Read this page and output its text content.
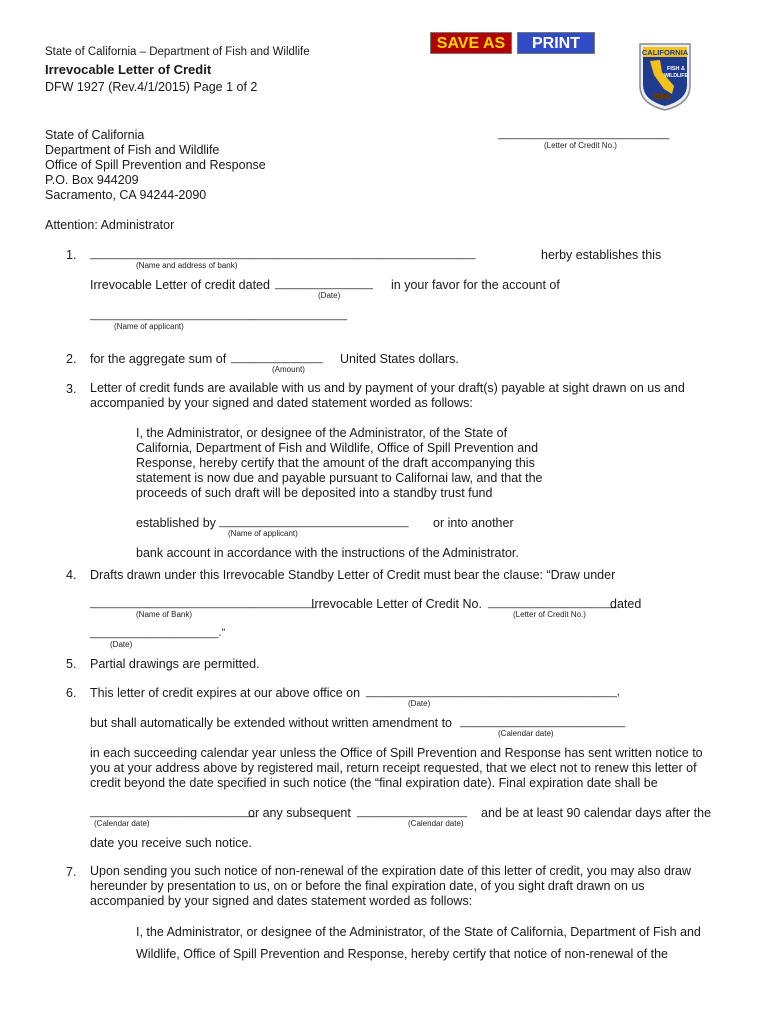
SAVE AS	PRINT
State of California – Department of Fish and Wildlife
Irrevocable Letter of Credit
DFW 1927 (Rev.4/1/2015) Page 1 of 2
CALIFORNIA
FISH &
WILDLIFE
State of California
Department of Fish and Wildlife
Office of Spill Prevention and Response
P.O. Box 944209
Sacramento, CA 94244-2090
____________________________
(Letter of Credit No.)
Attention: Administrator
1. _______________________________________________________________	herby establishes this
(Name and address of bank)
Irrevocable Letter of credit dated ________________ in your favor for the account of
(Date)
__________________________________________
(Name of applicant)
2. for the aggregate sum of _______________ United States dollars.
(Amount)
3. Letter of credit funds are available with us and by payment of your draft(s) payable at sight drawn on us and accompanied by your signed and dated statement worded as follows:
I, the Administrator, or designee of the Administrator, of the State of California, Department of Fish and Wildlife, Office of Spill Prevention and Response, hereby certify that the amount of the draft accompanying this statement is now due and payable pursuant to Californai law, and that the proceeds of such draft will be deposited into a standby trust fund
established by _______________________________ or into another
(Name of applicant)
bank account in accordance with the instructions of the Administrator.
4. Drafts drawn under this Irrevocable Standby Letter of Credit must bear the clause: “Draw under
_____________________________________
Irrevocable Letter of Credit No. _____________________
dated
(Name of Bank)	(Letter of Credit No.)
_____________________.”
(Date)
5. Partial drawings are permitted.
6. This letter of credit expires at our above office on _________________________________________,
(Date)
but shall automatically be extended without written amendment to ___________________________
(Calendar date)
in each succeeding calendar year unless the Office of Spill Prevention and Response has sent written notice to you at your address above by registered mail, return receipt requested, that we elect not to renew this letter of credit beyond the date specified in such notice (the “final expiration date). Final expiration date shall be
___________________________
or any subsequent __________________ and be at least 90 calendar days after the
(Calendar date)	(Calendar date)
date you receive such notice.
7. Upon sending you such notice of non-renewal of the expiration date of this letter of credit, you may also draw hereunder by presentation to us, on or before the final expiration date, of you sight draft drawn on us accompanied by your signed and dates statement worded as follows:
I, the Administrator, or designee of the Administrator, of the State of California, Department of Fish and
Wildlife, Office of Spill Prevention and Response, hereby certify that notice of non-renewal of the
